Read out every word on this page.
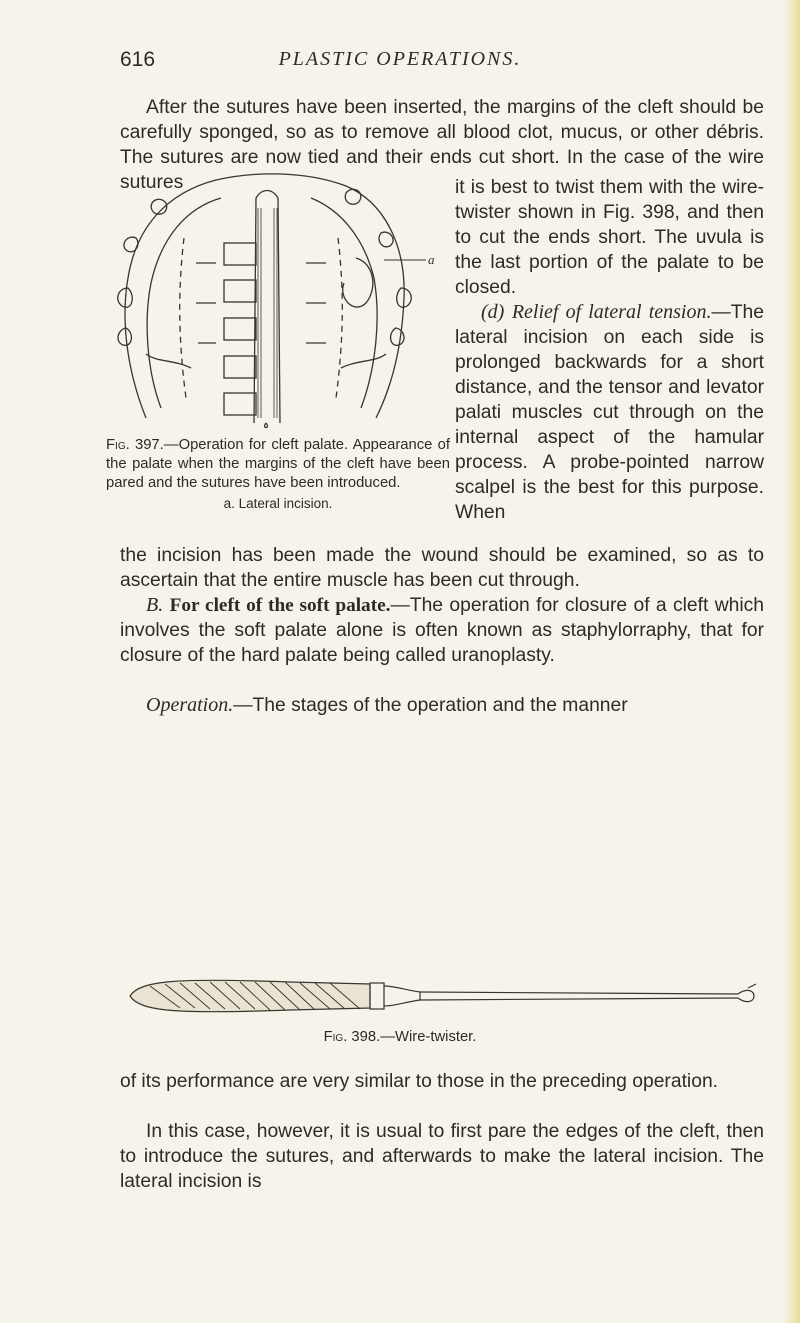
616	PLASTIC OPERATIONS.

After the sutures have been inserted, the margins of the cleft should be carefully sponged, so as to remove all blood clot, mucus, or other débris. The sutures are now tied and their ends cut short. In the case of the wire sutures

a
Fig. 397.—Operation for cleft palate. Appearance of the palate when the margins of the cleft have been pared and the sutures have been introduced.
a. Lateral incision.

it is best to twist them with the wire-twister shown in Fig. 398, and then to cut the ends short. The uvula is the last portion of the palate to be closed.

(d) Relief of lateral tension.—The lateral incision on each side is prolonged backwards for a short distance, and the tensor and levator palati muscles cut through on the internal aspect of the hamular process. A probe-pointed narrow scalpel is the best for this purpose. When

the incision has been made the wound should be examined, so as to ascertain that the entire muscle has been cut through.

B. For cleft of the soft palate.—The operation for closure of a cleft which involves the soft palate alone is often known as staphylorraphy, that for closure of the hard palate being called uranoplasty.

Operation.—The stages of the operation and the manner

Fig. 398.—Wire-twister.

of its performance are very similar to those in the preceding operation.

In this case, however, it is usual to first pare the edges of the cleft, then to introduce the sutures, and afterwards to make the lateral incision. The lateral incision is
